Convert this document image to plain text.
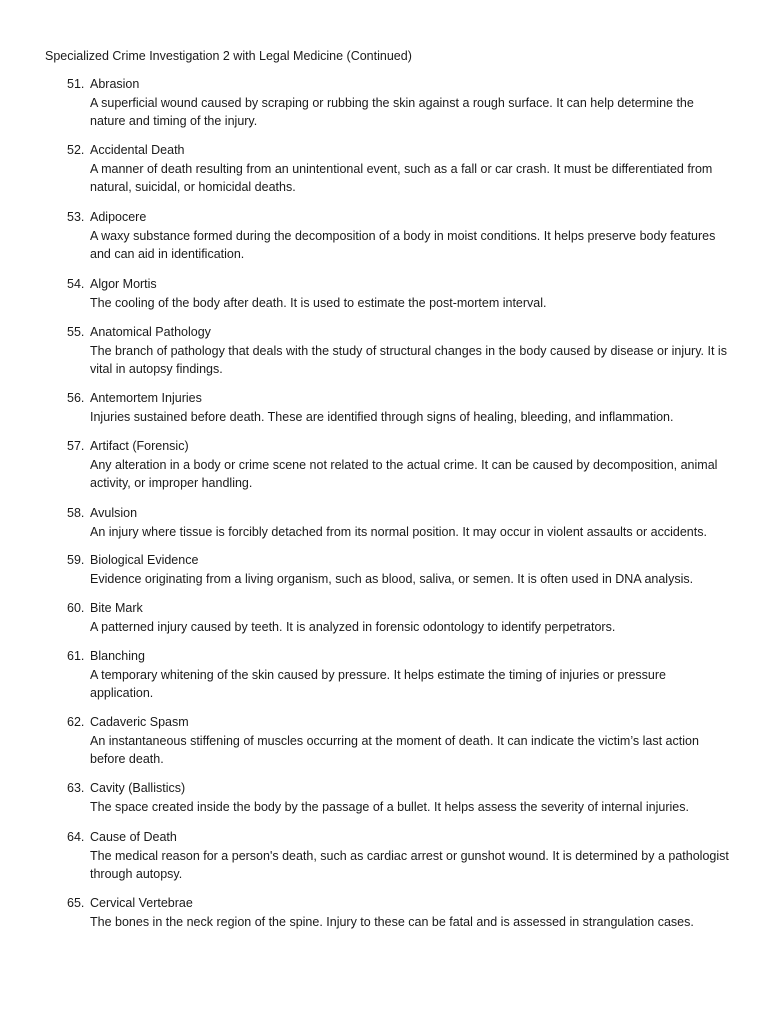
Specialized Crime Investigation 2 with Legal Medicine (Continued)
51. Abrasion

A superficial wound caused by scraping or rubbing the skin against a rough surface. It can help determine the nature and timing of the injury.

52. Accidental Death

A manner of death resulting from an unintentional event, such as a fall or car crash. It must be differentiated from natural, suicidal, or homicidal deaths.

53. Adipocere

A waxy substance formed during the decomposition of a body in moist conditions. It helps preserve body features and can aid in identification.

54. Algor Mortis

The cooling of the body after death. It is used to estimate the post-mortem interval.

55. Anatomical Pathology

The branch of pathology that deals with the study of structural changes in the body caused by disease or injury. It is vital in autopsy findings.

56. Antemortem Injuries

Injuries sustained before death. These are identified through signs of healing, bleeding, and inflammation.

57. Artifact (Forensic)

Any alteration in a body or crime scene not related to the actual crime. It can be caused by decomposition, animal activity, or improper handling.

58. Avulsion

An injury where tissue is forcibly detached from its normal position. It may occur in violent assaults or accidents.

59. Biological Evidence

Evidence originating from a living organism, such as blood, saliva, or semen. It is often used in DNA analysis.

60. Bite Mark

A patterned injury caused by teeth. It is analyzed in forensic odontology to identify perpetrators.

61. Blanching

A temporary whitening of the skin caused by pressure. It helps estimate the timing of injuries or pressure application.

62. Cadaveric Spasm

An instantaneous stiffening of muscles occurring at the moment of death. It can indicate the victim’s last action before death.

63. Cavity (Ballistics)

The space created inside the body by the passage of a bullet. It helps assess the severity of internal injuries.

64. Cause of Death

The medical reason for a person's death, such as cardiac arrest or gunshot wound. It is determined by a pathologist through autopsy.

65. Cervical Vertebrae

The bones in the neck region of the spine. Injury to these can be fatal and is assessed in strangulation cases.
